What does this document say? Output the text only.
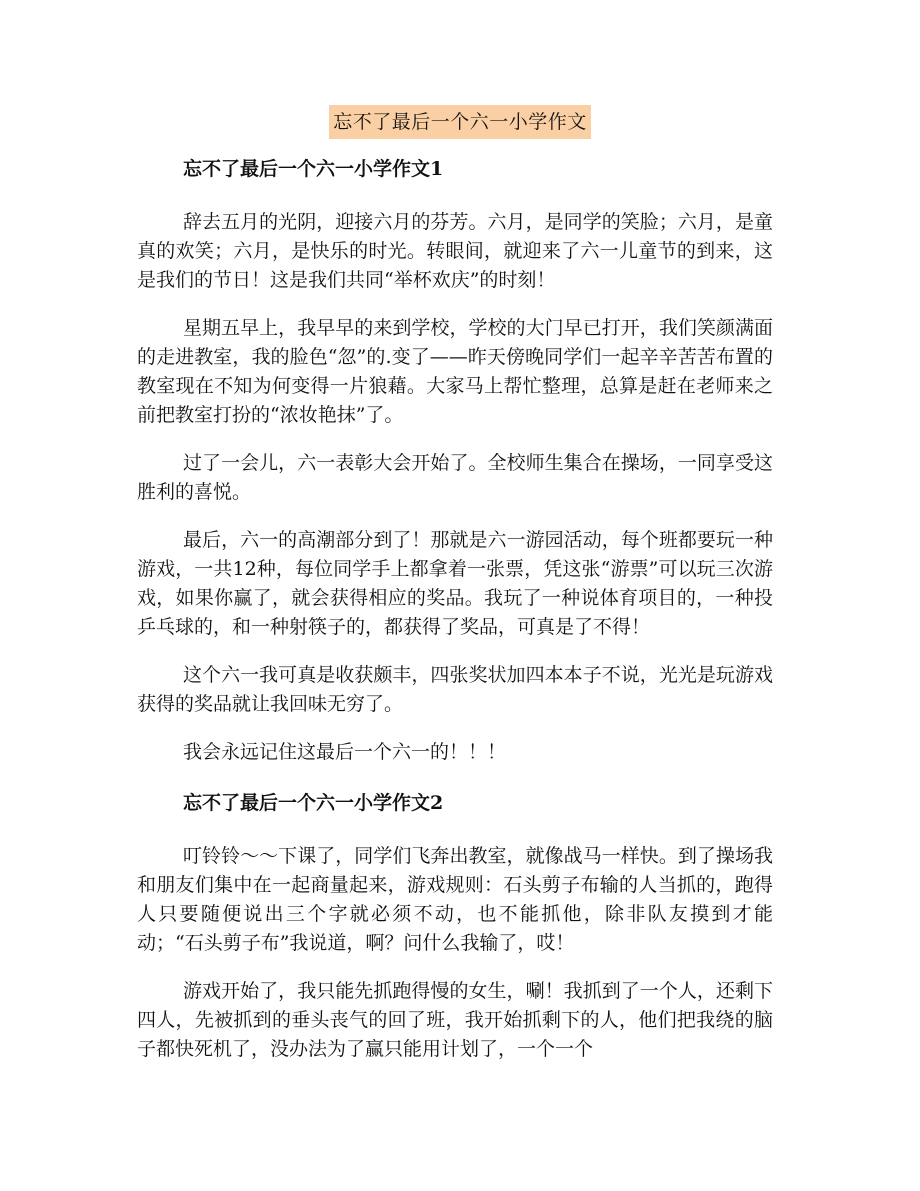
忘不了最后一个六一小学作文
忘不了最后一个六一小学作文1

辞去五月的光阴，迎接六月的芬芳。六月，是同学的笑脸；六月，是童真的欢笑；六月，是快乐的时光。转眼间，就迎来了六一儿童节的到来，这是我们的节日！这是我们共同“举杯欢庆”的时刻！

星期五早上，我早早的来到学校，学校的大门早已打开，我们笑颜满面的走进教室，我的脸色“忽”的.变了——昨天傍晚同学们一起辛辛苦苦布置的教室现在不知为何变得一片狼藉。大家马上帮忙整理，总算是赶在老师来之前把教室打扮的“浓妆艳抹”了。

过了一会儿，六一表彰大会开始了。全校师生集合在操场，一同享受这胜利的喜悦。

最后，六一的高潮部分到了！那就是六一游园活动，每个班都要玩一种游戏，一共12种，每位同学手上都拿着一张票，凭这张“游票”可以玩三次游戏，如果你赢了，就会获得相应的奖品。我玩了一种说体育项目的，一种投乒乓球的，和一种射筷子的，都获得了奖品，可真是了不得！

这个六一我可真是收获颇丰，四张奖状加四本本子不说，光光是玩游戏获得的奖品就让我回味无穷了。

我会永远记住这最后一个六一的！！！

忘不了最后一个六一小学作文2

叮铃铃～～下课了，同学们飞奔出教室，就像战马一样快。到了操场我和朋友们集中在一起商量起来，游戏规则：石头剪子布输的人当抓的，跑得人只要随便说出三个字就必须不动，也不能抓他，除非队友摸到才能动；“石头剪子布”我说道，啊？问什么我输了，哎！

游戏开始了，我只能先抓跑得慢的女生，唰！我抓到了一个人，还剩下四人，先被抓到的垂头丧气的回了班，我开始抓剩下的人，他们把我绕的脑子都快死机了，没办法为了赢只能用计划了，一个一个
